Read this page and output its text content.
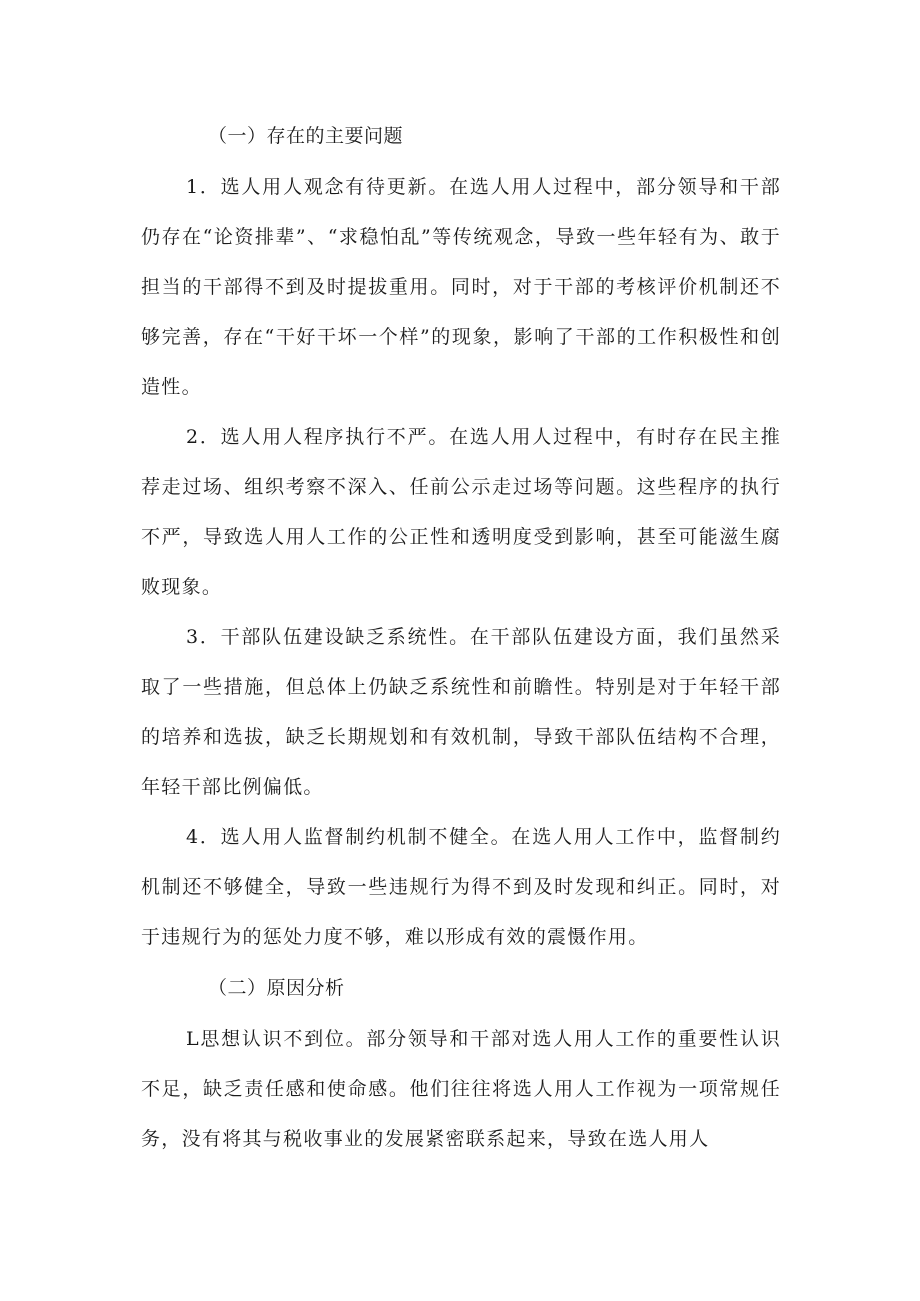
（一）存在的主要问题

1．选人用人观念有待更新。在选人用人过程中，部分领导和干部仍存在“论资排辈”、“求稳怕乱”等传统观念，导致一些年轻有为、敢于担当的干部得不到及时提拔重用。同时，对于干部的考核评价机制还不够完善，存在“干好干坏一个样”的现象，影响了干部的工作积极性和创造性。

2．选人用人程序执行不严。在选人用人过程中，有时存在民主推荐走过场、组织考察不深入、任前公示走过场等问题。这些程序的执行不严，导致选人用人工作的公正性和透明度受到影响，甚至可能滋生腐败现象。

3．干部队伍建设缺乏系统性。在干部队伍建设方面，我们虽然采取了一些措施，但总体上仍缺乏系统性和前瞻性。特别是对于年轻干部的培养和选拔，缺乏长期规划和有效机制，导致干部队伍结构不合理，年轻干部比例偏低。

4．选人用人监督制约机制不健全。在选人用人工作中，监督制约机制还不够健全，导致一些违规行为得不到及时发现和纠正。同时，对于违规行为的惩处力度不够，难以形成有效的震慑作用。

（二）原因分析

L思想认识不到位。部分领导和干部对选人用人工作的重要性认识不足，缺乏责任感和使命感。他们往往将选人用人工作视为一项常规任务，没有将其与税收事业的发展紧密联系起来，导致在选人用人
